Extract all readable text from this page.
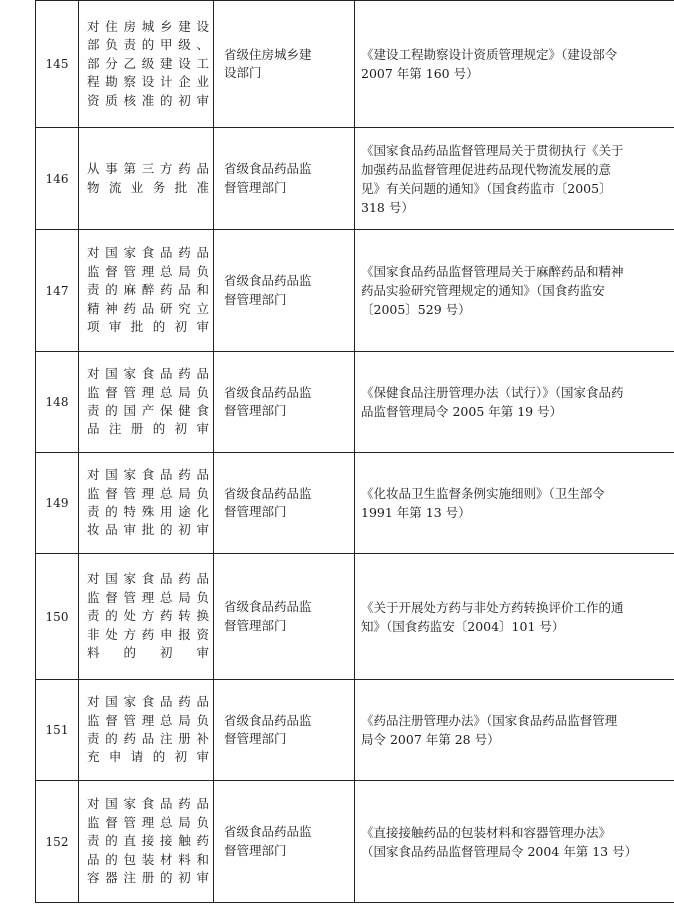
145	对住房城乡建设
部负责的甲级、
部分乙级建设工
程勘察设计企业
资质核准的初审	省级住房城乡建
设部门	《建设工程勘察设计资质管理规定》（建设部令
2007 年第 160 号）

146	从事第三方药品
物流业务批准	省级食品药品监
督管理部门	《国家食品药品监督管理局关于贯彻执行《关于
加强药品监督管理促进药品现代物流发展的意
见》有关问题的通知》（国食药监市〔2005〕
318 号）

147	对国家食品药品
监督管理总局负
责的麻醉药品和
精神药品研究立
项审批的初审	省级食品药品监
督管理部门	《国家食品药品监督管理局关于麻醉药品和精神
药品实验研究管理规定的通知》（国食药监安
〔2005〕529 号）

148	对国家食品药品
监督管理总局负
责的国产保健食
品注册的初审	省级食品药品监
督管理部门	《保健食品注册管理办法（试行）》（国家食品药
品监督管理局令 2005 年第 19 号）

149	对国家食品药品
监督管理总局负
责的特殊用途化
妆品审批的初审	省级食品药品监
督管理部门	《化妆品卫生监督条例实施细则》（卫生部令
1991 年第 13 号）

150	对国家食品药品
监督管理总局负
责的处方药转换
非处方药申报资
料的初审	省级食品药品监
督管理部门	《关于开展处方药与非处方药转换评价工作的通
知》（国食药监安〔2004〕101 号）

151	对国家食品药品
监督管理总局负
责的药品注册补
充申请的初审	省级食品药品监
督管理部门	《药品注册管理办法》（国家食品药品监督管理
局令 2007 年第 28 号）

152	对国家食品药品
监督管理总局负
责的直接接触药
品的包装材料和
容器注册的初审	省级食品药品监
督管理部门	《直接接触药品的包装材料和容器管理办法》
（国家食品药品监督管理局令 2004 年第 13 号）
